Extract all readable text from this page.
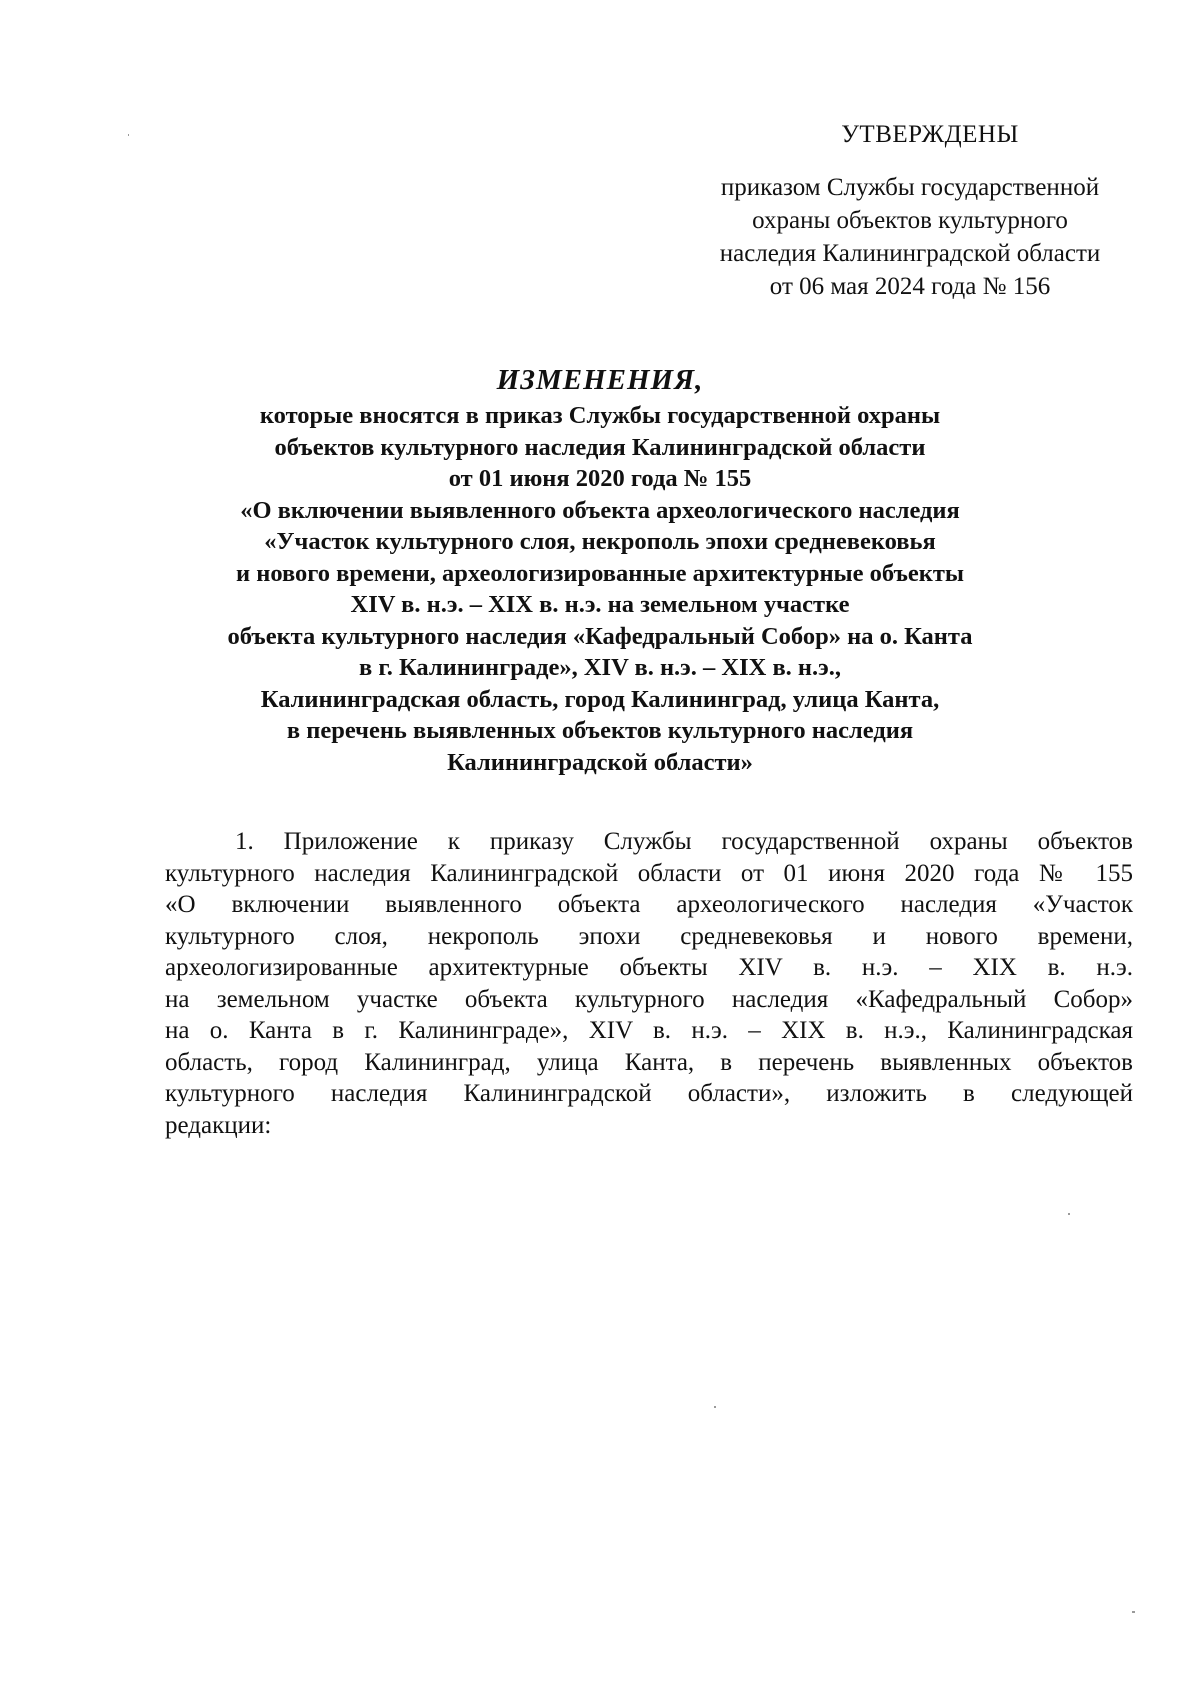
УТВЕРЖДЕНЫ
приказом Службы государственной
охраны объектов культурного
наследия Калининградской области
от 06 мая 2024 года № 156
ИЗМЕНЕНИЯ,
которые вносятся в приказ Службы государственной охраны
объектов культурного наследия Калининградской области
от 01 июня 2020 года № 155
«О включении выявленного объекта археологического наследия
«Участок культурного слоя, некрополь эпохи средневековья
и нового времени, археологизированные архитектурные объекты
XIV в. н.э. – XIX в. н.э. на земельном участке
объекта культурного наследия «Кафедральный Собор» на о. Канта
в г. Калининграде», XIV в. н.э. – XIX в. н.э.,
Калининградская область, город Калининград, улица Канта,
в перечень выявленных объектов культурного наследия
Калининградской области»
1. Приложение к приказу Службы государственной охраны объектов
культурного наследия Калининградской области от 01 июня 2020 года № 155
«О включении выявленного объекта археологического наследия «Участок
культурного слоя, некрополь эпохи средневековья и нового времени,
археологизированные архитектурные объекты XIV в. н.э. – XIX в. н.э.
на земельном участке объекта культурного наследия «Кафедральный Собор»
на о. Канта в г. Калининграде», XIV в. н.э. – XIX в. н.э., Калининградская
область, город Калининград, улица Канта, в перечень выявленных объектов
культурного наследия Калининградской области», изложить в следующей
редакции:
